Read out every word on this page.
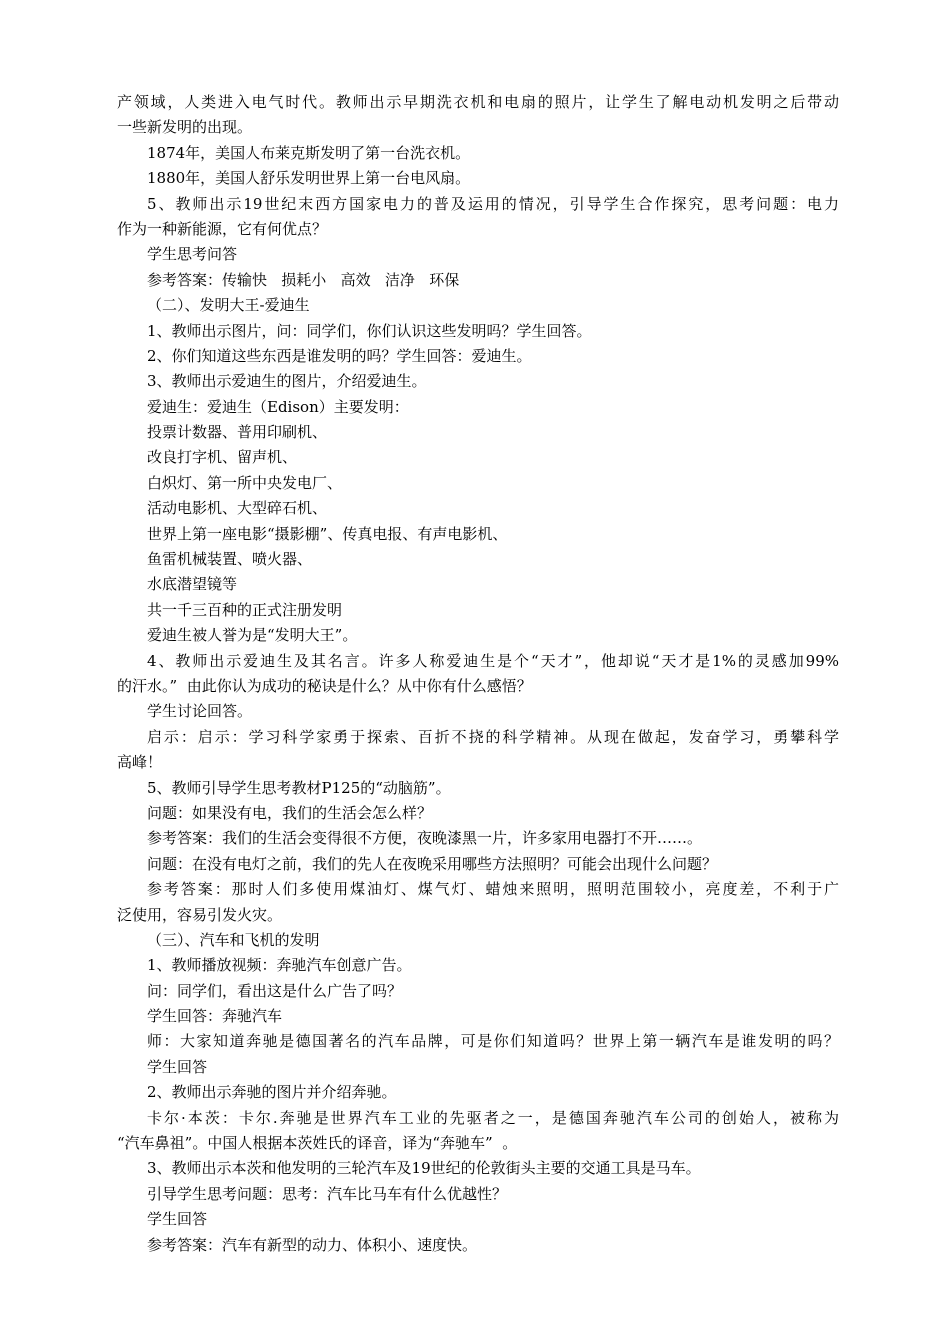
产领域，人类进入电气时代。教师出示早期洗衣机和电扇的照片，让学生了解电动机发明之后带动
一些新发明的出现。
1874年，美国人布莱克斯发明了第一台洗衣机。
1880年，美国人舒乐发明世界上第一台电风扇。
5、教师出示19世纪末西方国家电力的普及运用的情况，引导学生合作探究，思考问题：电力
作为一种新能源，它有何优点？
学生思考问答
参考答案：传输快   损耗小   高效   洁净   环保
（二）、发明大王-爱迪生
1、教师出示图片，问：同学们，你们认识这些发明吗？学生回答。
2、你们知道这些东西是谁发明的吗？学生回答：爱迪生。
3、教师出示爱迪生的图片，介绍爱迪生。
爱迪生：爱迪生（Edison）主要发明：
投票计数器、普用印刷机、
改良打字机、留声机、
白炽灯、第一所中央发电厂、
活动电影机、大型碎石机、
世界上第一座电影“摄影棚”、传真电报、有声电影机、
鱼雷机械装置、喷火器、
水底潜望镜等
共一千三百种的正式注册发明
爱迪生被人誉为是“发明大王”。
4、教师出示爱迪生及其名言。许多人称爱迪生是个“天才”，他却说“天才是1%的灵感加99%
的汗水。”  由此你认为成功的秘诀是什么？从中你有什么感悟？
学生讨论回答。
启示：启示：学习科学家勇于探索、百折不挠的科学精神。从现在做起，发奋学习，勇攀科学
高峰！
5、教师引导学生思考教材P125的“动脑筋”。
问题：如果没有电，我们的生活会怎么样？
参考答案：我们的生活会变得很不方便，夜晚漆黑一片，许多家用电器打不开……。
问题：在没有电灯之前，我们的先人在夜晚采用哪些方法照明？可能会出现什么问题？
参考答案：那时人们多使用煤油灯、煤气灯、蜡烛来照明，照明范围较小，亮度差，不利于广
泛使用，容易引发火灾。
（三）、汽车和飞机的发明
1、教师播放视频：奔驰汽车创意广告。
问：同学们，看出这是什么广告了吗？
学生回答：奔驰汽车
师：大家知道奔驰是德国著名的汽车品牌，可是你们知道吗？世界上第一辆汽车是谁发明的吗？
学生回答
2、教师出示奔驰的图片并介绍奔驰。
卡尔·本茨：卡尔.奔驰是世界汽车工业的先驱者之一，是德国奔驰汽车公司的创始人，被称为
“汽车鼻祖”。中国人根据本茨姓氏的译音，译为“奔驰车”  。
3、教师出示本茨和他发明的三轮汽车及19世纪的伦敦街头主要的交通工具是马车。
引导学生思考问题：思考：汽车比马车有什么优越性？
学生回答
参考答案：汽车有新型的动力、体积小、速度快。
